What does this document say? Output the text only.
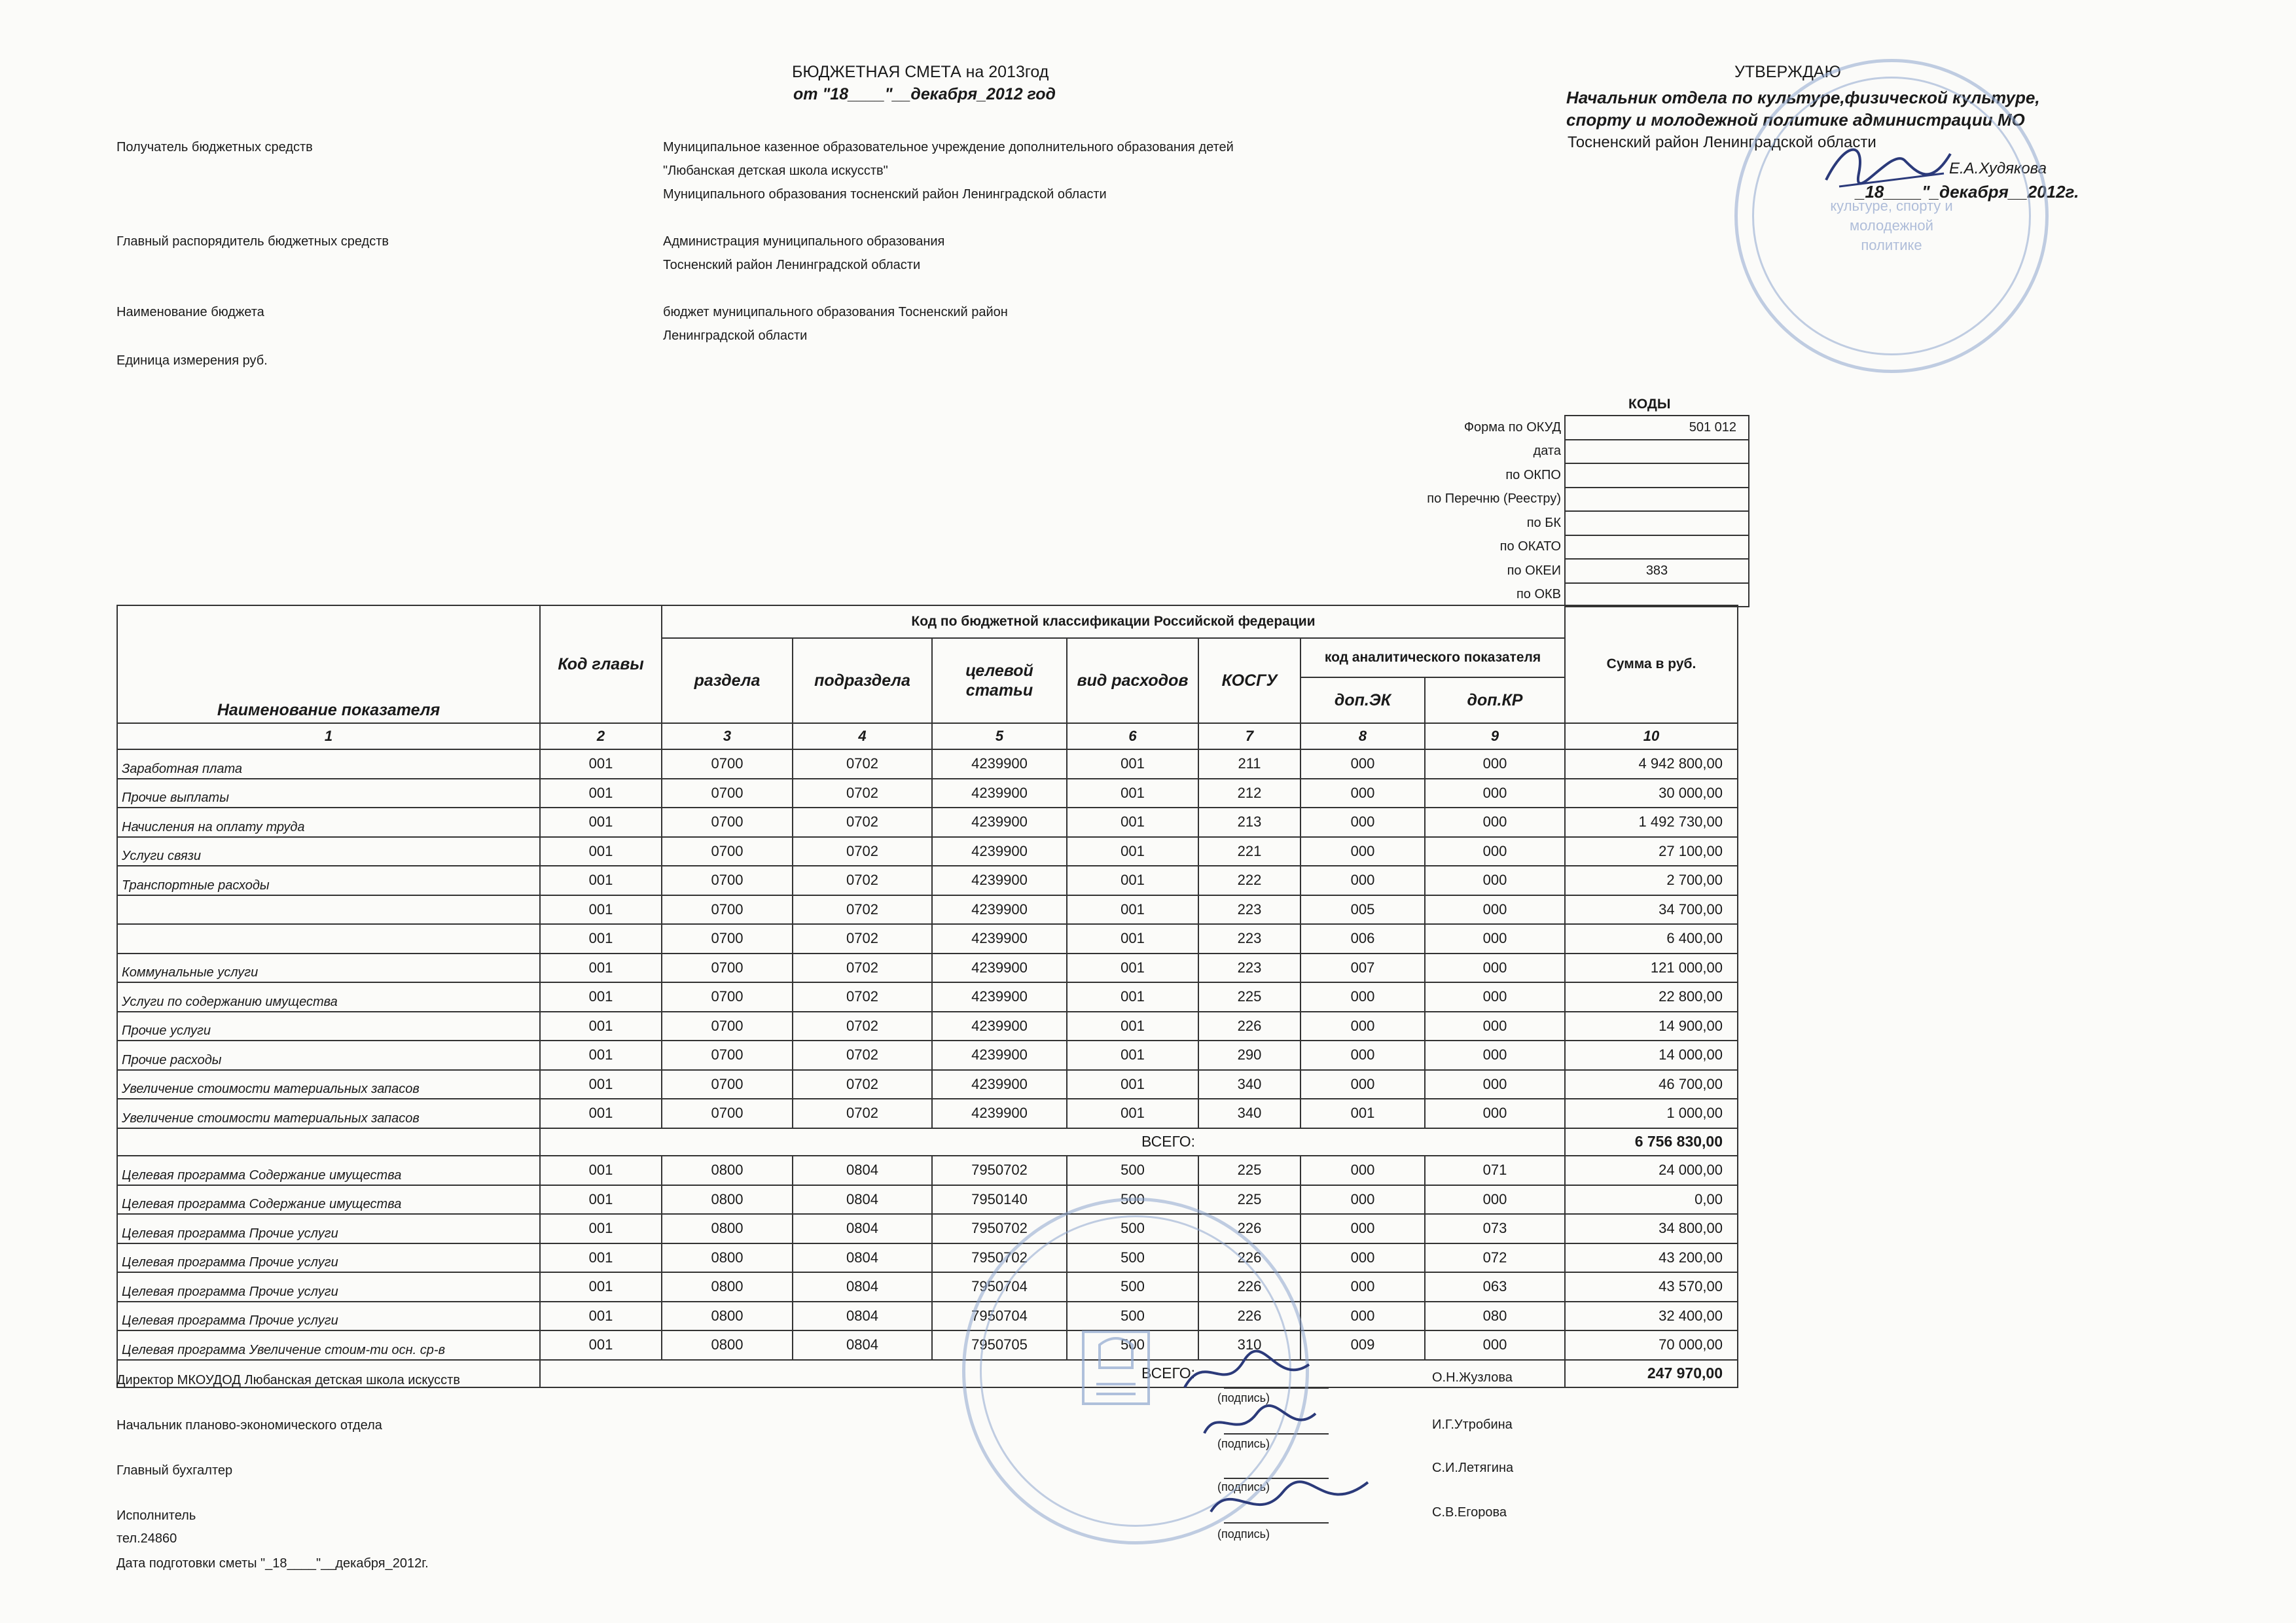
БЮДЖЕТНАЯ СМЕТА на 2013год
от "18____"__декабря_2012 год
УТВЕРЖДАЮ
Начальник отдела по культуре,физической культуре,
спорту и молодежной политике администрации МО
Тосненский район Ленинградской области
Е.А.Худякова
_18____"_декабря__2012г.
культуре, спорту и молодежной политике
Получатель бюджетных средств	Муниципальное казенное образовательное учреждение дополнительного образования детей
"Любанская детская школа искусств"
Муниципального образования тосненский район Ленинградской области
Главный распорядитель бюджетных средств	Администрация муниципального образования
Тосненский район Ленинградской области
Наименование бюджета	бюджет муниципального образования Тосненский район
Ленинградской области
Единица измерения руб.
КОДЫ
Форма по ОКУД	501 012
дата	
по ОКПО	
по Перечню (Реестру)	
по БК	
по ОКАТО	
по ОКЕИ	383
по ОКВ	
Наименование показателя	Код главы	Код по бюджетной классификации Российской федерации							Сумма в руб.
		раздела	подраздела	целевой статьи	вид расходов	КОСГУ	код аналитического показателя		
							доп.ЭК	доп.КР	
1	2	3	4	5	6	7	8	9	10
Заработная плата	001	0700	0702	4239900	001	211	000	000	4 942 800,00
Прочие выплаты	001	0700	0702	4239900	001	212	000	000	30 000,00
Начисления на оплату труда	001	0700	0702	4239900	001	213	000	000	1 492 730,00
Услуги связи	001	0700	0702	4239900	001	221	000	000	27 100,00
Транспортные расходы	001	0700	0702	4239900	001	222	000	000	2 700,00
	001	0700	0702	4239900	001	223	005	000	34 700,00
	001	0700	0702	4239900	001	223	006	000	6 400,00
Коммунальные услуги	001	0700	0702	4239900	001	223	007	000	121 000,00
Услуги по содержанию имущества	001	0700	0702	4239900	001	225	000	000	22 800,00
Прочие услуги	001	0700	0702	4239900	001	226	000	000	14 900,00
Прочие расходы	001	0700	0702	4239900	001	290	000	000	14 000,00
Увеличение стоимости материальных запасов	001	0700	0702	4239900	001	340	000	000	46 700,00
Увеличение стоимости материальных запасов	001	0700	0702	4239900	001	340	001	000	1 000,00
	ВСЕГО:								6 756 830,00
Целевая программа Содержание имущества	001	0800	0804	7950702	500	225	000	071	24 000,00
Целевая программа Содержание имущества	001	0800	0804	7950140	500	225	000	000	0,00
Целевая программа Прочие услуги	001	0800	0804	7950702	500	226	000	073	34 800,00
Целевая программа Прочие услуги	001	0800	0804	7950702	500	226	000	072	43 200,00
Целевая программа Прочие услуги	001	0800	0804	7950704	500	226	000	063	43 570,00
Целевая программа Прочие услуги	001	0800	0804	7950704	500	226	000	080	32 400,00
Целевая программа Увеличение стоим-ти осн. ср-в	001	0800	0804	7950705	500	310	009	000	70 000,00
	ВСЕГО:								247 970,00
Директор МКОУДОД Любанская детская школа искусств
(подпись)
О.Н.Жузлова
Начальник планово-экономического отдела
(подпись)
И.Г.Утробина
Главный бухгалтер
(подпись)
С.И.Летягина
Исполнитель
(подпись)
С.В.Егорова
тел.24860
Дата подготовки сметы "_18____"__декабря_2012г.
